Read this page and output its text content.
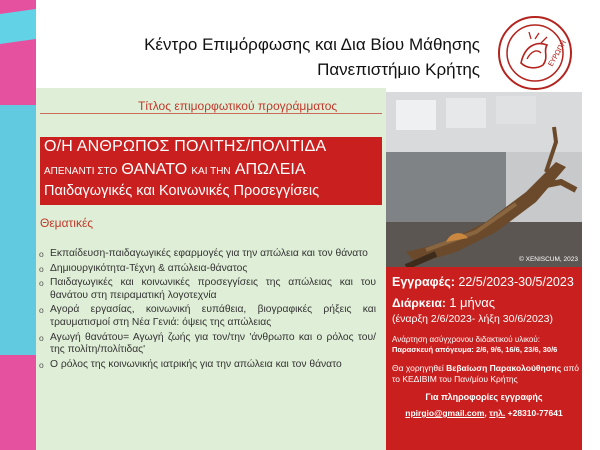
Κέντρο Επιμόρφωσης και Δια Βίου Μάθησης
Πανεπιστήμιο Κρήτης
ΕΥΡΩΠΗ
Τίτλος επιμορφωτικού προγράμματος
Ο/Η ΑΝΘΡΩΠΟΣ ΠΟΛΙΤΗΣ/ΠΟΛΙΤΙΔΑ
ΑΠΕΝΑΝΤΙ ΣΤΟ ΘΑΝΑΤΟ ΚΑΙ ΤΗΝ ΑΠΩΛΕΙΑ
Παιδαγωγικές και Κοινωνικές Προσεγγίσεις
Θεματικές
o Εκπαίδευση-παιδαγωγικές εφαρμογές για την απώλεια και τον θάνατο
o Δημιουργικότητα-Τέχνη & απώλεια-θάνατος
o Παιδαγωγικές και κοινωνικές προσεγγίσεις της απώλειας και του θανάτου στη πειραματική λογοτεχνία
o Αγορά εργασίας, κοινωνική ευπάθεια, βιογραφικές ρήξεις και τραυματισμοί στη Νέα Γενιά: όψεις της απώλειας
o Αγωγή θανάτου= Αγωγή ζωής για τον/την 'άνθρωπο και ο ρόλος του/της πολίτη/πολίτιδας'
o Ο ρόλος της κοινωνικής ιατρικής για την απώλεια και τον θάνατο
© XENISCUM, 2023
Εγγραφές: 22/5/2023-30/5/2023
Διάρκεια: 1 μήνας
(έναρξη 2/6/2023- λήξη 30/6/2023)
Ανάρτηση ασύγχρονου διδακτικού υλικού:
Παρασκευή απόγευμα: 2/6, 9/6, 16/6, 23/6, 30/6
Θα χορηγηθεί Βεβαίωση Παρακολούθησης από το ΚΕΔΙΒΙΜ του Παν/μίου Κρήτης
Για πληροφορίες εγγραφής
npirgio@gmail.com, τηλ. +28310-77641
